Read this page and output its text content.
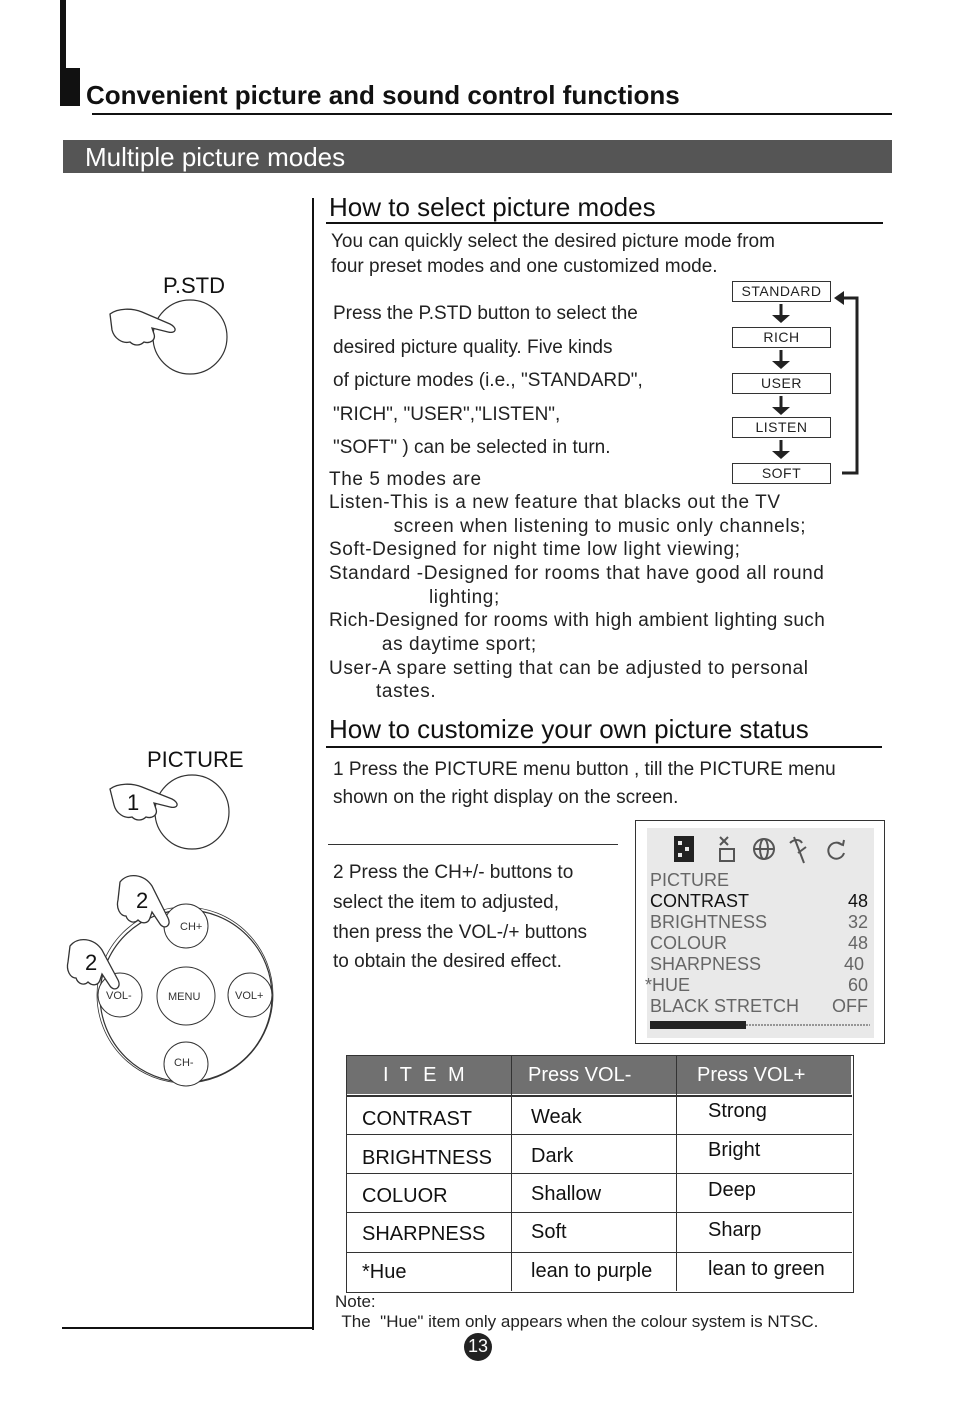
Convenient picture and sound control functions
Multiple picture modes
P.STD
PICTURE
1
CH+
CH-
VOL-	VOL+
MENU
2
2
How to select picture modes
You can quickly select the desired picture mode from
four preset modes and one customized mode.
Press the P.STD button to select the
desired picture quality. Five kinds
of picture modes (i.e., "STANDARD",
"RICH", "USER","LISTEN",
"SOFT" ) can be selected in turn.
STANDARD
RICH
USER
LISTEN
SOFT
The 5 modes are
Listen-This is a new feature that blacks out the TV
screen when listening to music only channels;
Soft-Designed for night time low light viewing;
Standard -Designed for rooms that have good all round
lighting;
Rich-Designed for rooms with high ambient lighting such
as daytime sport;
User-A spare setting that can be adjusted to personal
tastes.
How to customize your own picture status
1 Press the PICTURE menu button , till the PICTURE menu
shown on the right display on the screen.
2 Press the CH+/- buttons to
select the item to adjusted,
then press the VOL-/+ buttons
to obtain the desired effect.
PICTURE
CONTRAST	48
BRIGHTNESS	32
COLOUR	48
SHARPNESS	40
*HUE	60
BLACK STRETCH OFF
I T E M	Press VOL-	Press VOL+
CONTRAST	Weak	Strong
BRIGHTNESS Dark	Bright
COLUOR	Shallow	Deep
SHARPNESS Soft	Sharp
*Hue	lean to purple	lean to green
Note:
The  "Hue" item only appears when the colour system is NTSC.
13
